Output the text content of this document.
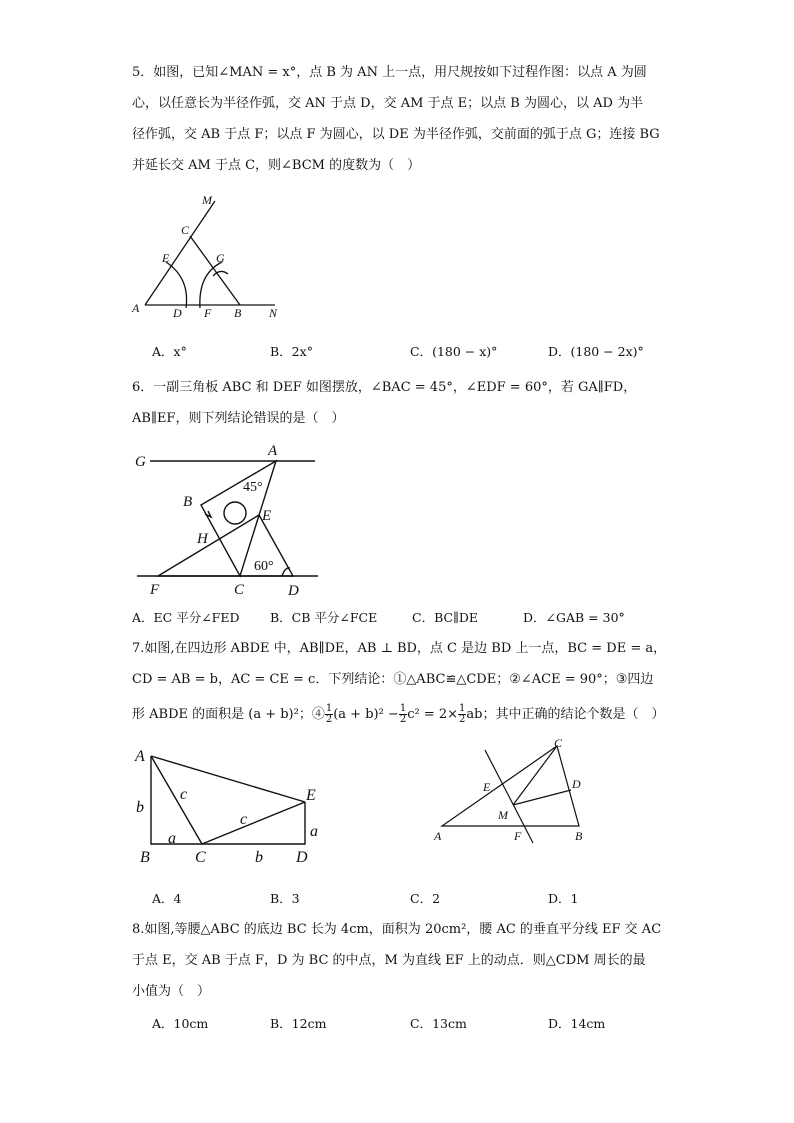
5．如图，已知∠MAN = x°，点 B 为 AN 上一点，用尺规按如下过程作图：以点 A 为圆
心，以任意长为半径作弧，交 AN 于点 D，交 AM 于点 E；以点 B 为圆心，以 AD 为半
径作弧，交 AB 于点 F；以点 F 为圆心，以 DE 为半径作弧，交前面的弧于点 G；连接 BG
并延长交 AM 于点 C，则∠BCM 的度数为（　）
M
C
E	G
A	D F B N
A．x°	B．2x°	C．(180 − x)°	D．(180 − 2x)°
6．一副三角板 ABC 和 DEF 如图摆放，∠BAC = 45°，∠EDF = 60°，若 GA∥FD，
AB∥EF，则下列结论错误的是（　）
G
A
B
E
H
F	C	D
45°
60°
A．EC 平分∠FED B．CB 平分∠FCE	C．BC∥DE	D．∠GAB = 30°
7.如图,在四边形 ABDE 中，AB∥DE，AB ⊥ BD，点 C 是边 BD 上一点，BC = DE = a，
CD = AB = b，AC = CE = c．下列结论：①△ABC≌△CDE；②∠ACE = 90°；③四边
形 ABDE 的面积是 (a + b)²；④ $\frac{1}{2} (a + b)^2 - \frac{1}{2} c^2 = 2\times \frac{1}{2}$ ab；其中正确的结论个数是（　）
A
b
c	E
c
a
a
B	C	b D
C
D
E
M
A	F	B
A．4	B．3	C．2	D．1
8.如图,等腰△ABC 的底边 BC 长为 4cm，面积为 20cm²，腰 AC 的垂直平分线 EF 交 AC
于点 E，交 AB 于点 F，D 为 BC 的中点，M 为直线 EF 上的动点．则△CDM 周长的最
小值为（　）
A．10cm	B．12cm	C．13cm	D．14cm
